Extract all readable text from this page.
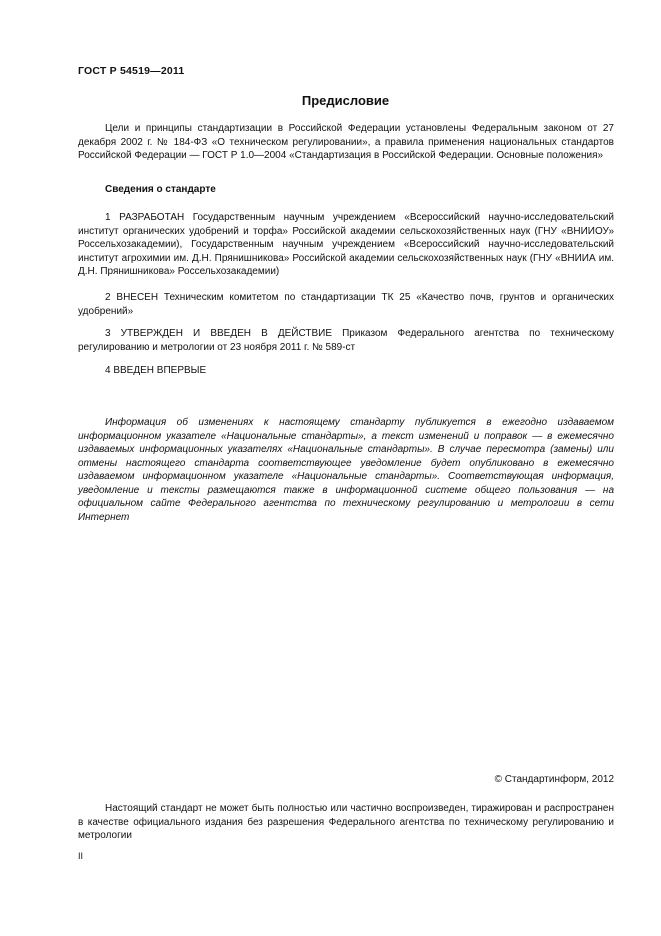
ГОСТ Р 54519—2011
Предисловие

Цели и принципы стандартизации в Российской Федерации установлены Федеральным законом от 27 декабря 2002 г. № 184-ФЗ «О техническом регулировании», а правила применения национальных стандартов Российской Федерации — ГОСТ Р 1.0—2004 «Стандартизация в Российской Федерации. Основные положения»

Сведения о стандарте

1 РАЗРАБОТАН Государственным научным учреждением «Всероссийский научно-исследовательский институт органических удобрений и торфа» Российской академии сельскохозяйственных наук (ГНУ «ВНИИОУ» Россельхозакадемии), Государственным научным учреждением «Всероссийский научно-исследовательский институт агрохимии им. Д.Н. Прянишникова» Российской академии сельскохозяйственных наук (ГНУ «ВНИИА им. Д.Н. Прянишникова» Россельхозакадемии)

2 ВНЕСЕН Техническим комитетом по стандартизации ТК 25 «Качество почв, грунтов и органических удобрений»

3 УТВЕРЖДЕН И ВВЕДЕН В ДЕЙСТВИЕ Приказом Федерального агентства по техническому регулированию и метрологии от 23 ноября 2011 г. № 589-ст

4 ВВЕДЕН ВПЕРВЫЕ

Информация об изменениях к настоящему стандарту публикуется в ежегодно издаваемом информационном указателе «Национальные стандарты», а текст изменений и поправок — в ежемесячно издаваемых информационных указателях «Национальные стандарты». В случае пересмотра (замены) или отмены настоящего стандарта соответствующее уведомление будет опубликовано в ежемесячно издаваемом информационном указателе «Национальные стандарты». Соответствующая информация, уведомление и тексты размещаются также в информационной системе общего пользования — на официальном сайте Федерального агентства по техническому регулированию и метрологии в сети Интернет

© Стандартинформ, 2012

Настоящий стандарт не может быть полностью или частично воспроизведен, тиражирован и распространен в качестве официального издания без разрешения Федерального агентства по техническому регулированию и метрологии

II
